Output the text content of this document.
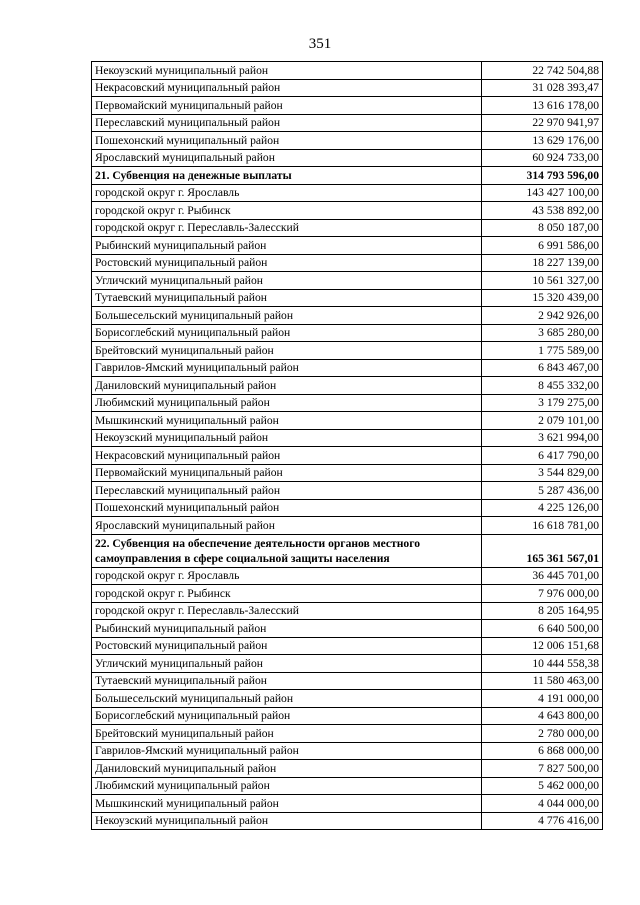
351
Некоузский муниципальный район	22 742 504,88
Некрасовский муниципальный район	31 028 393,47
Первомайский муниципальный район	13 616 178,00
Переславский муниципальный район	22 970 941,97
Пошехонский муниципальный район	13 629 176,00
Ярославский муниципальный район	60 924 733,00
21. Субвенция на денежные выплаты	314 793 596,00
городской округ г. Ярославль	143 427 100,00
городской округ г. Рыбинск	43 538 892,00
городской округ г. Переславль-Залесский	8 050 187,00
Рыбинский муниципальный район	6 991 586,00
Ростовский муниципальный район	18 227 139,00
Угличский муниципальный район	10 561 327,00
Тутаевский муниципальный район	15 320 439,00
Большесельский муниципальный район	2 942 926,00
Борисоглебский муниципальный район	3 685 280,00
Брейтовский муниципальный район	1 775 589,00
Гаврилов-Ямский муниципальный район	6 843 467,00
Даниловский муниципальный район	8 455 332,00
Любимский муниципальный район	3 179 275,00
Мышкинский муниципальный район	2 079 101,00
Некоузский муниципальный район	3 621 994,00
Некрасовский муниципальный район	6 417 790,00
Первомайский муниципальный район	3 544 829,00
Переславский муниципальный район	5 287 436,00
Пошехонский муниципальный район	4 225 126,00
Ярославский муниципальный район	16 618 781,00
22. Субвенция на обеспечение деятельности органов местного самоуправления в сфере социальной защиты населения	165 361 567,01
городской округ г. Ярославль	36 445 701,00
городской округ г. Рыбинск	7 976 000,00
городской округ г. Переславль-Залесский	8 205 164,95
Рыбинский муниципальный район	6 640 500,00
Ростовский муниципальный район	12 006 151,68
Угличский муниципальный район	10 444 558,38
Тутаевский муниципальный район	11 580 463,00
Большесельский муниципальный район	4 191 000,00
Борисоглебский муниципальный район	4 643 800,00
Брейтовский муниципальный район	2 780 000,00
Гаврилов-Ямский муниципальный район	6 868 000,00
Даниловский муниципальный район	7 827 500,00
Любимский муниципальный район	5 462 000,00
Мышкинский муниципальный район	4 044 000,00
Некоузский муниципальный район	4 776 416,00
